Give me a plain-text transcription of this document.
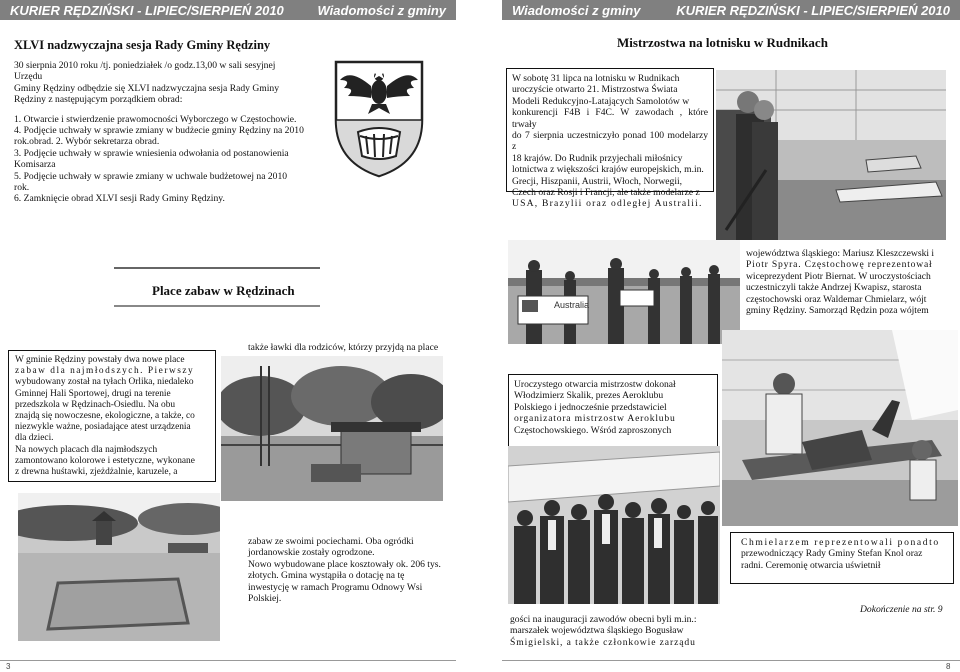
KURIER RĘDZIŃSKI - LIPIEC/SIERPIEŃ 2010	Wiadomości z gminy
XLVI nadzwyczajna sesja Rady Gminy Rędziny

30 sierpnia 2010 roku /tj. poniedziałek /o godz.13,00 w sali sesyjnej

Urzędu

Gminy Rędziny odbędzie się XLVI nadzwyczajna sesja Rady Gminy

Rędziny z następującym porządkiem obrad:

1. Otwarcie i stwierdzenie prawomocności Wyborczego w Częstochowie.

4. Podjęcie uchwały w sprawie zmiany w budżecie gminy Rędziny na 2010

rok.obrad. 2. Wybór sekretarza obrad.

3. Podjęcie uchwały w sprawie wniesienia odwołania od postanowienia

Komisarza

5. Podjęcie uchwały w sprawie zmiany w uchwale budżetowej na 2010

rok.

6. Zamknięcie obrad XLVI sesji Rady Gminy Rędziny.

Place zabaw w Rędzinach

W gminie Rędziny powstały dwa nowe place

zabaw dla najmłodszych. Pierwszy

wybudowany został na tyłach Orlika, niedaleko

Gminnej Hali Sportowej, drugi na terenie

przedszkola w Rędzinach-Osiedlu. Na obu

znajdą się nowoczesne, ekologiczne, a także, co

niezwykle ważne, posiadające atest urządzenia

dla dzieci.

Na nowych placach dla najmłodszych

zamontowano kolorowe i estetyczne, wykonane

z drewna huśtawki, zjeżdżalnie, karuzele, a

także ławki dla rodziców, którzy przyjdą na place

zabaw ze swoimi pociechami. Oba ogródki

jordanowskie zostały ogrodzone.

Nowo wybudowane place kosztowały ok. 206 tys.

złotych. Gmina wystąpiła o dotację na tę

inwestycję w ramach Programu Odnowy Wsi

Polskiej.

3
Wiadomości z gminy	KURIER RĘDZIŃSKI - LIPIEC/SIERPIEŃ 2010
Mistrzostwa na lotnisku w Rudnikach

W sobotę 31 lipca na lotnisku w Rudnikach

uroczyście otwarto 21. Mistrzostwa Świata

Modeli Redukcyjno-Latających Samolotów w

konkurencji F4B i F4C. W zawodach , które trwały

do 7 sierpnia uczestniczyło ponad 100 modelarzy z

18 krajów. Do Rudnik przyjechali miłośnicy

lotnictwa z większości krajów europejskich, m.in.

Grecji, Hiszpanii, Austrii, Włoch, Norwegii,

Czech oraz Rosji i Francji, ale także modelarze z

USA, Brazylii oraz odległej Australii.

Australia

województwa śląskiego: Mariusz Kleszczewski i

Piotr Spyra. Częstochowę reprezentował

wiceprezydent Piotr Biernat. W uroczystościach

uczestniczyli także Andrzej Kwapisz, starosta

częstochowski oraz Waldemar Chmielarz, wójt

gminy Rędziny. Samorząd Rędzin poza wójtem

Uroczystego otwarcia mistrzostw dokonał

Włodzimierz Skalik, prezes Aeroklubu

Polskiego i jednocześnie przedstawiciel

organizatora mistrzostw Aeroklubu

Częstochowskiego. Wśród zaproszonych

gości na inauguracji zawodów obecni byli m.in.:

marszałek województwa śląskiego Bogusław

Śmigielski, a także członkowie zarządu

Chmielarzem reprezentowali ponadto

przewodniczący Rady Gminy Stefan Knol oraz

radni. Ceremonię otwarcia uświetnił

Dokończenie na str. 9
8
